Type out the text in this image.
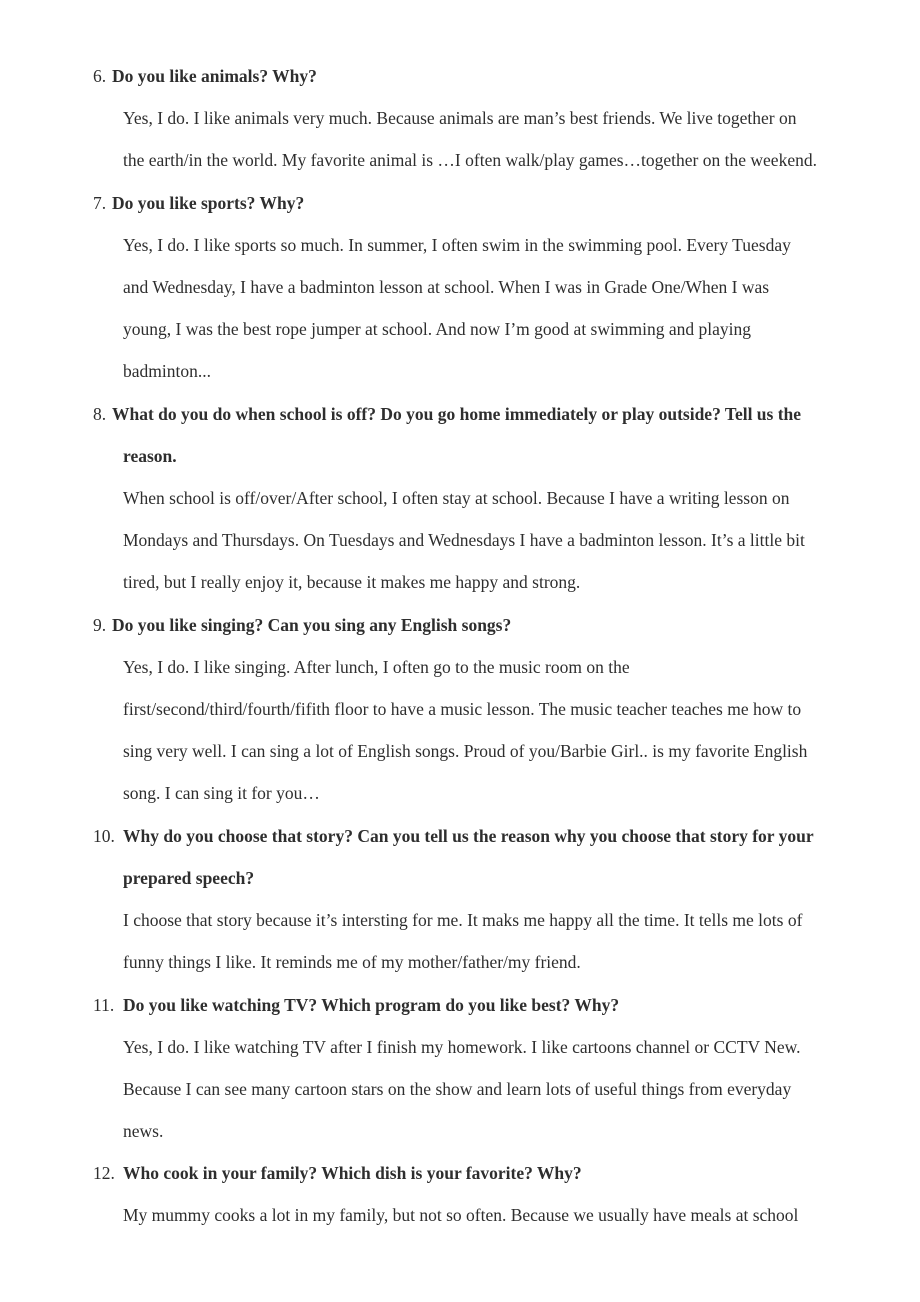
6. Do you like animals? Why?
Yes, I do. I like animals very much. Because animals are man’s best friends. We live together on
the earth/in the world. My favorite animal is …I often walk/play games…together on the weekend.
7. Do you like sports? Why?
Yes, I do. I like sports so much. In summer, I often swim in the swimming pool. Every Tuesday
and Wednesday, I have a badminton lesson at school. When I was in Grade One/When I was
young, I was the best rope jumper at school. And now I’m good at swimming and playing
badminton...
8. What do you do when school is off? Do you go home immediately or play outside? Tell us the
reason.
When school is off/over/After school, I often stay at school. Because I have a writing lesson on
Mondays and Thursdays. On Tuesdays and Wednesdays I have a badminton lesson. It’s a little bit
tired, but I really enjoy it, because it makes me happy and strong.
9. Do you like singing? Can you sing any English songs?
Yes, I do. I like singing. After lunch, I often go to the music room on the
first/second/third/fourth/fifith floor to have a music lesson. The music teacher teaches me how to
sing very well. I can sing a lot of English songs. Proud of you/Barbie Girl.. is my favorite English
song. I can sing it for you…
10. Why do you choose that story? Can you tell us the reason why you choose that story for your
prepared speech?
I choose that story because it’s intersting for me. It maks me happy all the time. It tells me lots of
funny things I like. It reminds me of my mother/father/my friend.
11. Do you like watching TV? Which program do you like best? Why?
Yes, I do. I like watching TV after I finish my homework. I like cartoons channel or CCTV New.
Because I can see many cartoon stars on the show and learn lots of useful things from everyday
news.
12. Who cook in your family? Which dish is your favorite? Why?
My mummy cooks a lot in my family, but not so often. Because we usually have meals at school
